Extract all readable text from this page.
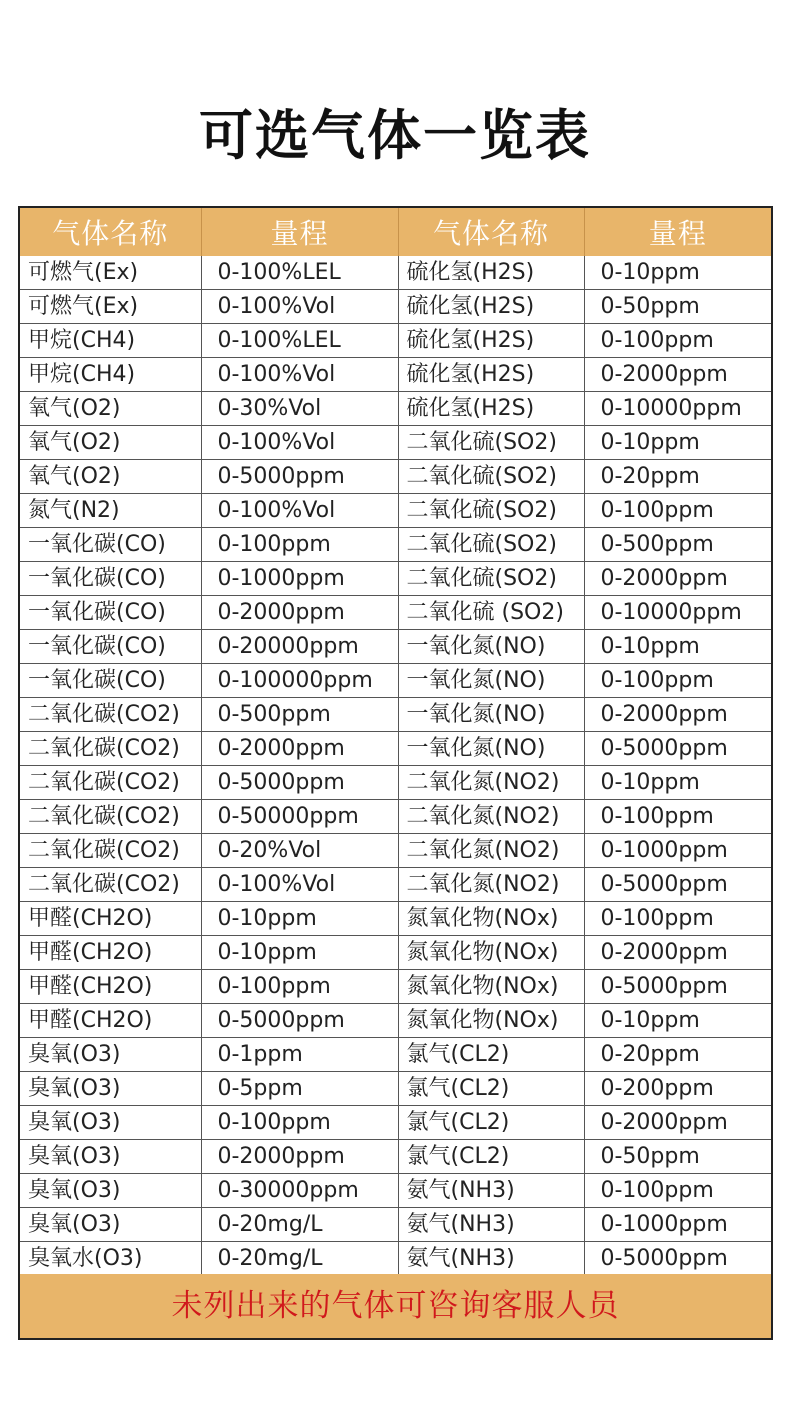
可选气体一览表
气体名称	量程	气体名称	量程
可燃气(Ex)	0-100%LEL	硫化氢(H2S)	0-10ppm
可燃气(Ex)	0-100%Vol	硫化氢(H2S)	0-50ppm
甲烷(CH4)	0-100%LEL	硫化氢(H2S)	0-100ppm
甲烷(CH4)	0-100%Vol	硫化氢(H2S)	0-2000ppm
氧气(O2)	0-30%Vol	硫化氢(H2S)	0-10000ppm
氧气(O2)	0-100%Vol	二氧化硫(SO2)	0-10ppm
氧气(O2)	0-5000ppm	二氧化硫(SO2)	0-20ppm
氮气(N2)	0-100%Vol	二氧化硫(SO2)	0-100ppm
一氧化碳(CO)	0-100ppm	二氧化硫(SO2)	0-500ppm
一氧化碳(CO)	0-1000ppm	二氧化硫(SO2)	0-2000ppm
一氧化碳(CO)	0-2000ppm	二氧化硫 (SO2)	0-10000ppm
一氧化碳(CO)	0-20000ppm	一氧化氮(NO)	0-10ppm
一氧化碳(CO)	0-100000ppm	一氧化氮(NO)	0-100ppm
二氧化碳(CO2)	0-500ppm	一氧化氮(NO)	0-2000ppm
二氧化碳(CO2)	0-2000ppm	一氧化氮(NO)	0-5000ppm
二氧化碳(CO2)	0-5000ppm	二氧化氮(NO2)	0-10ppm
二氧化碳(CO2)	0-50000ppm	二氧化氮(NO2)	0-100ppm
二氧化碳(CO2)	0-20%Vol	二氧化氮(NO2)	0-1000ppm
二氧化碳(CO2)	0-100%Vol	二氧化氮(NO2)	0-5000ppm
甲醛(CH2O)	0-10ppm	氮氧化物(NOx)	0-100ppm
甲醛(CH2O)	0-10ppm	氮氧化物(NOx)	0-2000ppm
甲醛(CH2O)	0-100ppm	氮氧化物(NOx)	0-5000ppm
甲醛(CH2O)	0-5000ppm	氮氧化物(NOx)	0-10ppm
臭氧(O3)	0-1ppm	氯气(CL2)	0-20ppm
臭氧(O3)	0-5ppm	氯气(CL2)	0-200ppm
臭氧(O3)	0-100ppm	氯气(CL2)	0-2000ppm
臭氧(O3)	0-2000ppm	氯气(CL2)	0-50ppm
臭氧(O3)	0-30000ppm	氨气(NH3)	0-100ppm
臭氧(O3)	0-20mg/L	氨气(NH3)	0-1000ppm
臭氧水(O3)	0-20mg/L	氨气(NH3)	0-5000ppm
未列出来的气体可咨询客服人员
